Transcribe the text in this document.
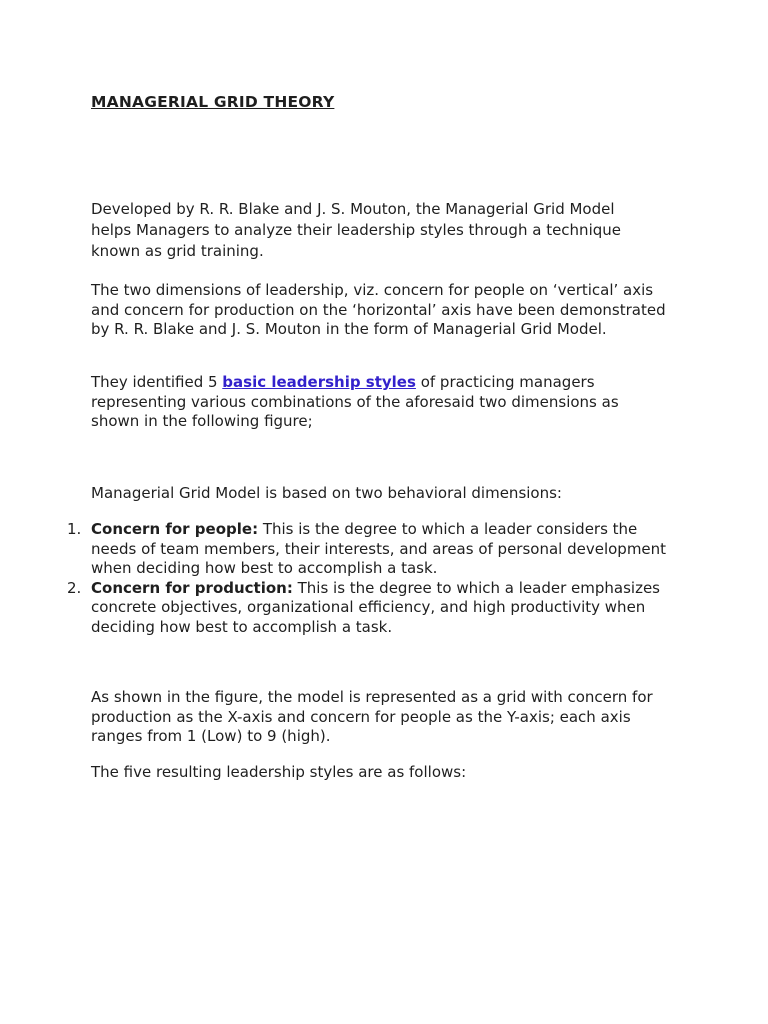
MANAGERIAL GRID THEORY

Developed by R. R. Blake and J. S. Mouton, the Managerial Grid Model helps Managers to analyze their leadership styles through a technique known as grid training.

The two dimensions of leadership, viz. concern for people on ‘vertical’ axis and concern for production on the ‘horizontal’ axis have been demonstrated by R. R. Blake and J. S. Mouton in the form of Managerial Grid Model.

They identified 5 basic leadership styles of practicing managers representing various combinations of the aforesaid two dimensions as shown in the following figure;

Managerial Grid Model is based on two behavioral dimensions:

1. Concern for people: This is the degree to which a leader considers the needs of team members, their interests, and areas of personal development when deciding how best to accomplish a task.
2. Concern for production: This is the degree to which a leader emphasizes concrete objectives, organizational efficiency, and high productivity when deciding how best to accomplish a task.

As shown in the figure, the model is represented as a grid with concern for production as the X-axis and concern for people as the Y-axis; each axis ranges from 1 (Low) to 9 (high).

The five resulting leadership styles are as follows:
